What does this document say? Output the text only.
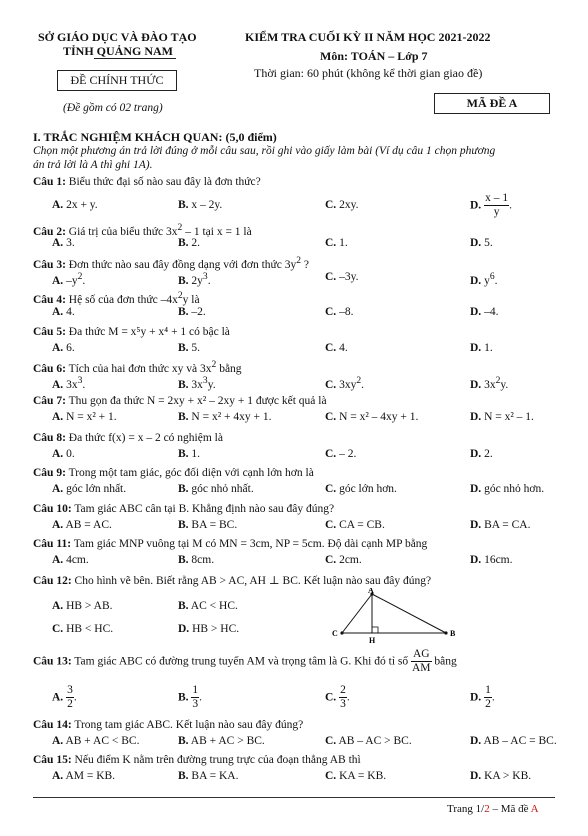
SỞ GIÁO DỤC VÀ ĐÀO TẠO
TỈNH QUẢNG NAM
ĐỀ CHÍNH THỨC
(Đề gồm có 02 trang)
KIỂM TRA CUỐI KỲ II NĂM HỌC 2021-2022
Môn: TOÁN – Lớp 7
Thời gian: 60 phút (không kể thời gian giao đề)
MÃ ĐỀ A
I. TRẮC NGHIỆM KHÁCH QUAN: (5,0 điểm)
Chọn một phương án trả lời đúng ở mỗi câu sau, rồi ghi vào giấy làm bài (Ví dụ câu 1 chọn phương
án trả lời là A thì ghi 1A).
Câu 1: Biểu thức đại số nào sau đây là đơn thức?
A. 2x + y.	B. x – 2y.	C. 2xy.	D. $\frac{x - 1}{y}$ .
Câu 2: Giá trị của biểu thức $3x^2 - 1$ tại x = 1 là
A. 3.	B. 2.	C. 1.	D. 5.
Câu 3: Đơn thức nào sau đây đồng dạng với đơn thức $3y^2$ ?
A. $-y^2$.	B. $2y^3$.	C. –3y.	D. $y^6$.
Câu 4: Hệ số của đơn thức $-4x^2y$ là
A. 4.	B. –2.	C. –8.	D. –4.
Câu 5: Đa thức M = x⁵y + x⁴ + 1 có bậc là
A. 6.	B. 5.	C. 4.	D. 1.
Câu 6: Tích của hai đơn thức xy và $3x^2$ bằng
A. $3x^3$.	B. $3x^3y$.	C. $3xy^2$.	D. $3x^2y$.
Câu 7: Thu gọn đa thức N = 2xy + x² – 2xy + 1 được kết quả là
A. N = x² + 1.	B. N = x² + 4xy + 1.	C. N = x² – 4xy + 1.	D. N = x² – 1.
Câu 8: Đa thức f(x) = x – 2 có nghiệm là
A. 0.	B. 1.	C. – 2.	D. 2.
Câu 9: Trong một tam giác, góc đối diện với cạnh lớn hơn là
A. góc lớn nhất.	B. góc nhỏ nhất.	C. góc lớn hơn.	D. góc nhỏ hơn.
Câu 10: Tam giác ABC cân tại B. Khẳng định nào sau đây đúng?
A. AB = AC.	B. BA = BC.	C. CA = CB.	D. BA = CA.
Câu 11: Tam giác MNP vuông tại M có MN = 3cm, NP = 5cm. Độ dài cạnh MP bằng
A. 4cm.	B. 8cm.	C. 2cm.	D. 16cm.
Câu 12: Cho hình vẽ bên. Biết rằng AB > AC, AH ⊥ BC. Kết luận nào sau đây đúng?
A. HB > AB.	B. AC < HC.
C. HB < HC.	D. HB > HC.
A
B
C
H
Câu 13: Tam giác ABC có đường trung tuyến AM và trọng tâm là G. Khi đó tỉ số $\frac{AG}{AM}$ bằng
A. $\frac{3}{2}$ .	B. $\frac{1}{3}$ .	C. $\frac{2}{3}$ .	D. $\frac{1}{2}$ .
Câu 14: Trong tam giác ABC. Kết luận nào sau đây đúng?
A. AB + AC < BC.	B. AB + AC > BC.	C. AB – AC > BC.	D. AB – AC = BC.
Câu 15: Nếu điểm K nằm trên đường trung trực của đoạn thẳng AB thì
A. AM = KB.	B. BA = KA.	C. KA = KB.	D. KA > KB.
Trang 1/2 – Mã đề A
